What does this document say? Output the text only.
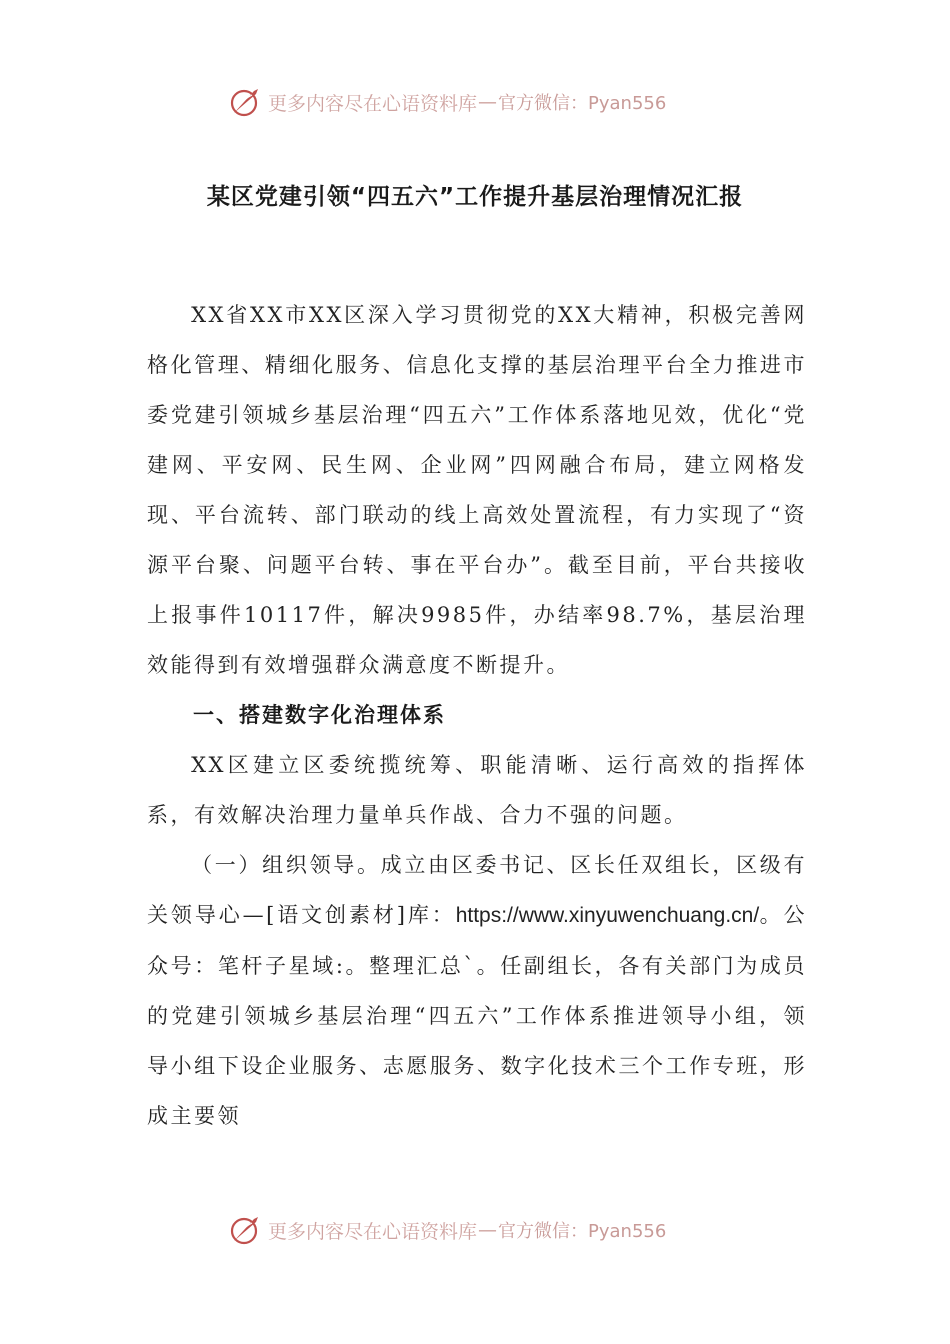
更多内容尽在心语资料库 — 官方微信：Pyan556
某区党建引领“四五六”工作提升基层治理情况汇报

XX省XX市XX区深入学习贯彻党的XX大精神，积极完善网格化管理、精细化服务、信息化支撑的基层治理平台全力推进市委党建引领城乡基层治理“四五六”工作体系落地见效，优化“党建网、平安网、民生网、企业网”四网融合布局，建立网格发现、平台流转、部门联动的线上高效处置流程，有力实现了“资源平台聚、问题平台转、事在平台办”。截至目前，平台共接收上报事件10117件，解决9985件，办结率98.7%，基层治理效能得到有效增强群众满意度不断提升。

一、搭建数字化治理体系

XX区建立区委统揽统筹、职能清晰、运行高效的指挥体系，有效解决治理力量单兵作战、合力不强的问题。

（一）组织领导。成立由区委书记、区长任双组长，区级有关领导心—[语文创素材]库：https://www.xinyuwenchuang.cn/。公众号：笔杆子星域:。整理汇总`。任副组长，各有关部门为成员的党建引领城乡基层治理“四五六”工作体系推进领导小组，领导小组下设企业服务、志愿服务、数字化技术三个工作专班，形成主要领

更多内容尽在心语资料库 — 官方微信：Pyan556
